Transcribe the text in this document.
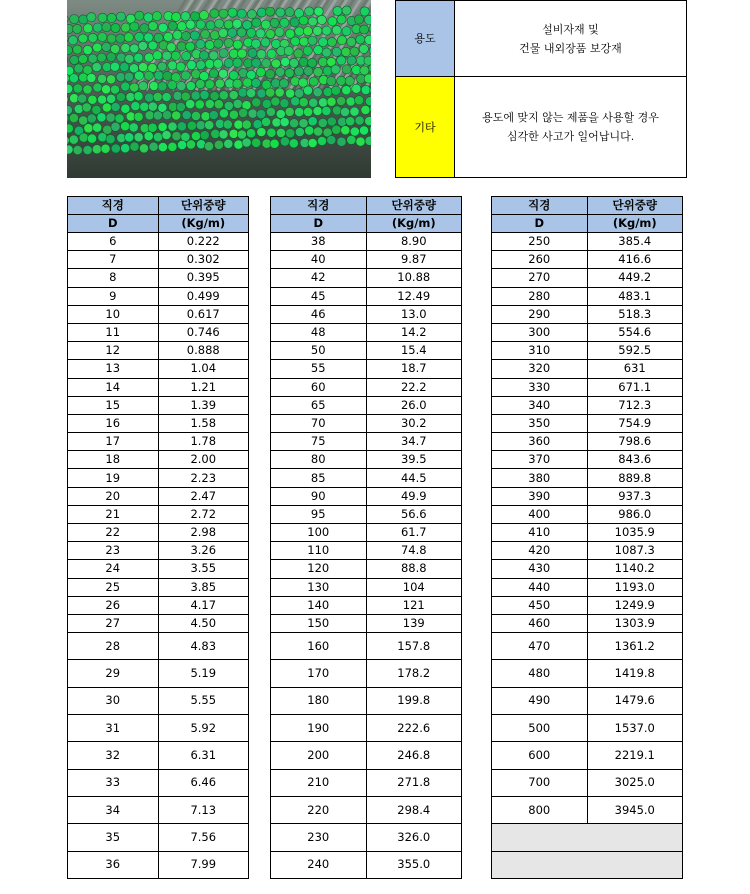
용도	설비자재 및
건물 내외장품 보강재

기타	용도에 맞지 않는 제품을 사용할 경우
심각한 사고가 일어납니다.
직경	단위중량
D	(Kg/m)
6	0.222
7	0.302
8	0.395
9	0.499
10	0.617
11	0.746
12	0.888
13	1.04
14	1.21
15	1.39
16	1.58
17	1.78
18	2.00
19	2.23
20	2.47
21	2.72
22	2.98
23	3.26
24	3.55
25	3.85
26	4.17
27	4.50
28	4.83
29	5.19
30	5.55
31	5.92
32	6.31
33	6.46
34	7.13
35	7.56
36	7.99
직경	단위중량
D	(Kg/m)
38	8.90
40	9.87
42	10.88
45	12.49
46	13.0
48	14.2
50	15.4
55	18.7
60	22.2
65	26.0
70	30.2
75	34.7
80	39.5
85	44.5
90	49.9
95	56.6
100	61.7
110	74.8
120	88.8
130	104
140	121
150	139
160	157.8
170	178.2
180	199.8
190	222.6
200	246.8
210	271.8
220	298.4
230	326.0
240	355.0
직경	단위중량
D	(Kg/m)
250	385.4
260	416.6
270	449.2
280	483.1
290	518.3
300	554.6
310	592.5
320	631
330	671.1
340	712.3
350	754.9
360	798.6
370	843.6
380	889.8
390	937.3
400	986.0
410	1035.9
420	1087.3
430	1140.2
440	1193.0
450	1249.9
460	1303.9
470	1361.2
480	1419.8
490	1479.6
500	1537.0
600	2219.1
700	3025.0
800	3945.0
